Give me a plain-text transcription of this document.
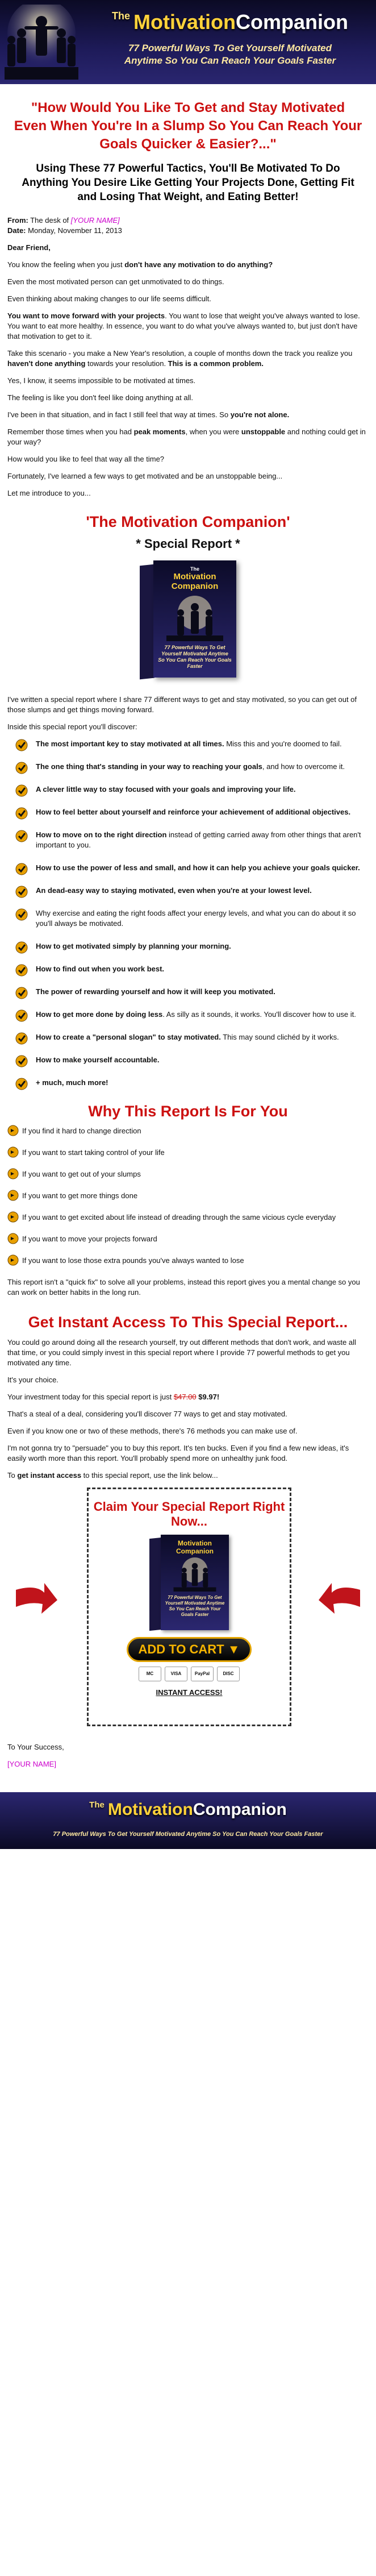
$^{The}$ MotivationCompanion
77 Powerful Ways To Get Yourself Motivated
Anytime So You Can Reach Your Goals Faster
"How Would You Like To Get and Stay Motivated Even When You're In a Slump So You Can Reach Your Goals Quicker & Easier?..."
Using These 77 Powerful Tactics, You'll Be Motivated To Do Anything You Desire Like Getting Your Projects Done, Getting Fit and Losing That Weight, and Eating Better!

From: The desk of [YOUR NAME]
Date: Monday, November 11, 2013

Dear Friend,

You know the feeling when you just don't have any motivation to do anything?

Even the most motivated person can get unmotivated to do things.

Even thinking about making changes to our life seems difficult.

You want to move forward with your projects. You want to lose that weight you've always wanted to lose. You want to eat more healthy. In essence, you want to do what you've always wanted to, but just don't have that motivation to get to it.

Take this scenario - you make a New Year's resolution, a couple of months down the track you realize you haven't done anything towards your resolution. This is a common problem.

Yes, I know, it seems impossible to be motivated at times.

The feeling is like you don't feel like doing anything at all.

I've been in that situation, and in fact I still feel that way at times. So you're not alone.

Remember those times when you had peak moments, when you were unstoppable and nothing could get in your way?

How would you like to feel that way all the time?

Fortunately, I've learned a few ways to get motivated and be an unstoppable being...

Let me introduce to you...

'The Motivation Companion'
* Special Report *
The
Motivation Companion
77 Powerful Ways To Get Yourself Motivated Anytime So You Can Reach Your Goals Faster

I've written a special report where I share 77 different ways to get and stay motivated, so you can get out of those slumps and get things moving forward.

Inside this special report you'll discover:

The most important key to stay motivated at all times. Miss this and you're doomed to fail.
The one thing that's standing in your way to reaching your goals, and how to overcome it.
A clever little way to stay focused with your goals and improving your life.
How to feel better about yourself and reinforce your achievement of additional objectives.
How to move on to the right direction instead of getting carried away from other things that aren't important to you.
How to use the power of less and small, and how it can help you achieve your goals quicker.
An dead-easy way to staying motivated, even when you're at your lowest level.
Why exercise and eating the right foods affect your energy levels, and what you can do about it so you'll always be motivated.
How to get motivated simply by planning your morning.
How to find out when you work best.
The power of rewarding yourself and how it will keep you motivated.
How to get more done by doing less. As silly as it sounds, it works. You'll discover how to use it.
How to create a "personal slogan" to stay motivated. This may sound clichéd by it works.
How to make yourself accountable.
+ much, much more!
Why This Report Is For You
If you find it hard to change direction
If you want to start taking control of your life
If you want to get out of your slumps
If you want to get more things done
If you want to get excited about life instead of dreading through the same vicious cycle everyday
If you want to move your projects forward
If you want to lose those extra pounds you've always wanted to lose

This report isn't a "quick fix" to solve all your problems, instead this report gives you a mental change so you can work on better habits in the long run.

Get Instant Access To This Special Report...

You could go around doing all the research yourself, try out different methods that don't work, and waste all that time, or you could simply invest in this special report where I provide 77 powerful methods to get you motivated any time.

It's your choice.

Your investment today for this special report is just $47.00 $9.97!

That's a steal of a deal, considering you'll discover 77 ways to get and stay motivated.

Even if you know one or two of these methods, there's 76 methods you can make use of.

I'm not gonna try to "persuade" you to buy this report. It's ten bucks. Even if you find a few new ideas, it's easily worth more than this report. You'll probably spend more on unhealthy junk food.

To get instant access to this special report, use the link below...

Claim Your Special Report Right Now...
Motivation Companion
77 Powerful Ways To Get Yourself Motivated Anytime So You Can Reach Your Goals Faster
ADD TO CART ▼
MC	VISA	PayPal	DISC
INSTANT ACCESS!

To Your Success,

[YOUR NAME]

$^{The}$ MotivationCompanion
77 Powerful Ways To Get Yourself Motivated Anytime So You Can Reach Your Goals Faster
